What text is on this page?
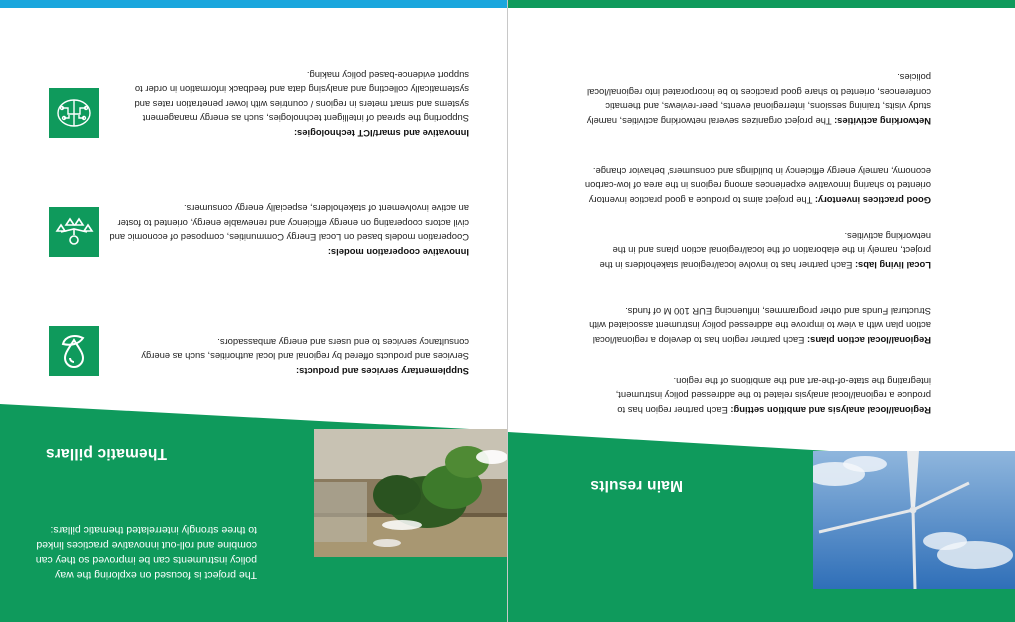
Main results
Regional/local analysis and ambition setting: Each partner region has to produce a regional/local analysis related to the addressed policy instrument, integrating the state-of-the-art and the ambitions of the region.
Regional/local action plans: Each partner region has to develop a regional/local action plan with a view to improve the addressed policy instrument associated with Structural Funds and other programmes, influencing EUR 100 M of funds.
Local living labs: Each partner has to involve local/regional stakeholders in the project, namely in the elaboration of the local/regional action plans and in the networking activities.
Good practices inventory: The project aims to produce a good practice inventory oriented to sharing innovative experiences among regions in the area of low-carbon economy, namely energy efficiency in buildings and consumers' behavior change.
Networking activities: The project organizes several networking activities, namely study visits, training sessions, interregional events, peer-reviews, and thematic conferences, oriented to share good practices to be incorporated into regional/local policies.
Thematic pillars
The project is focused on exploring the way policy instruments can be improved so they can combine and roll-out innovative practices linked to three strongly interrelated thematic pillars:
Supplementary services and products:
Services and products offered by regional and local authorities, such as energy consultancy services to end users and energy ambassadors.
Innovative cooperation models:
Cooperation models based on Local Energy Communities, composed of economic and civil actors cooperating on energy efficiency and renewable energy, oriented to foster an active involvement of stakeholders, especially energy consumers.
Innovative and smart/ICT technologies:
Supporting the spread of intelligent technologies, such as energy management systems and smart meters in regions / countries with lower penetration rates and systematically collecting and analysing data and feedback information in order to support evidence-based policy making.
